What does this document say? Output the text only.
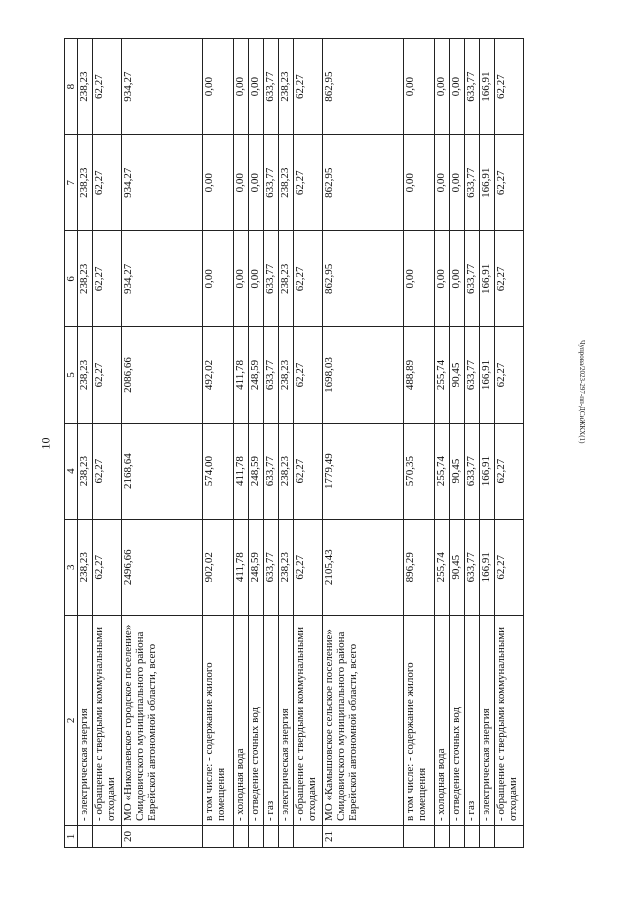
10
Чупрова/2023-297-пп-ДСиЖКХ(1)
1	2	3	4	5	6	7	8
	- электрическая энергия	238,23	238,23	238,23	238,23	238,23	238,23
	- обращение с твердыми коммунальными отходами	62,27	62,27	62,27	62,27	62,27	62,27
20	МО «Николаевское городское поселение» Смидовичского муниципального района Еврейской автономной области, всего	2496,66	2168,64	2086,66	934,27	934,27	934,27
	в том числе: - содержание жилого помещения	902,02	574,00	492,02	0,00	0,00	0,00
	- холодная вода	411,78	411,78	411,78	0,00	0,00	0,00
	- отведение сточных вод	248,59	248,59	248,59	0,00	0,00	0,00
	- газ	633,77	633,77	633,77	633,77	633,77	633,77
	- электрическая энергия	238,23	238,23	238,23	238,23	238,23	238,23
	- обращение с твердыми коммунальными отходами	62,27	62,27	62,27	62,27	62,27	62,27
21	МО «Камышовское сельское поселение» Смидовичского муниципального района Еврейской автономной области, всего	2105,43	1779,49	1698,03	862,95	862,95	862,95
	в том числе: - содержание жилого помещения	896,29	570,35	488,89	0,00	0,00	0,00
	- холодная вода	255,74	255,74	255,74	0,00	0,00	0,00
	- отведение сточных вод	90,45	90,45	90,45	0,00	0,00	0,00
	- газ	633,77	633,77	633,77	633,77	633,77	633,77
	- электрическая энергия	166,91	166,91	166,91	166,91	166,91	166,91
	- обращение с твердыми коммунальными отходами	62,27	62,27	62,27	62,27	62,27	62,27
